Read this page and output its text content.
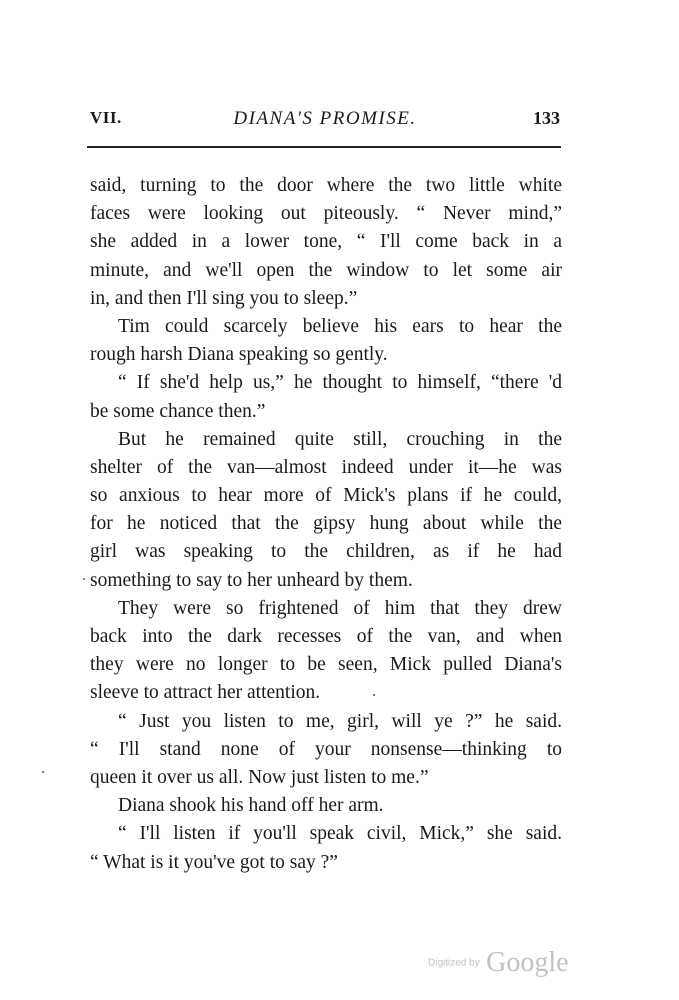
VII.	DIANA'S PROMISE.	133
said, turning to the door where the two little white
faces were looking out piteously. “ Never mind,”
she added in a lower tone, “ I'll come back in a
minute, and we'll open the window to let some air
in, and then I'll sing you to sleep.”
Tim could scarcely believe his ears to hear the
rough harsh Diana speaking so gently.
“ If she'd help us,” he thought to himself, “there 'd
be some chance then.”
But he remained quite still, crouching in the
shelter of the van—almost indeed under it—he was
so anxious to hear more of Mick's plans if he could,
for he noticed that the gipsy hung about while the
girl was speaking to the children, as if he had
something to say to her unheard by them.
They were so frightened of him that they drew
back into the dark recesses of the van, and when
they were no longer to be seen, Mick pulled Diana's
sleeve to attract her attention.
“ Just you listen to me, girl, will ye ?” he said.
“ I'll stand none of your nonsense—thinking to
queen it over us all. Now just listen to me.”
Diana shook his hand off her arm.
“ I'll listen if you'll speak civil, Mick,” she said.
“ What is it you've got to say ?”
Digitized by Google
